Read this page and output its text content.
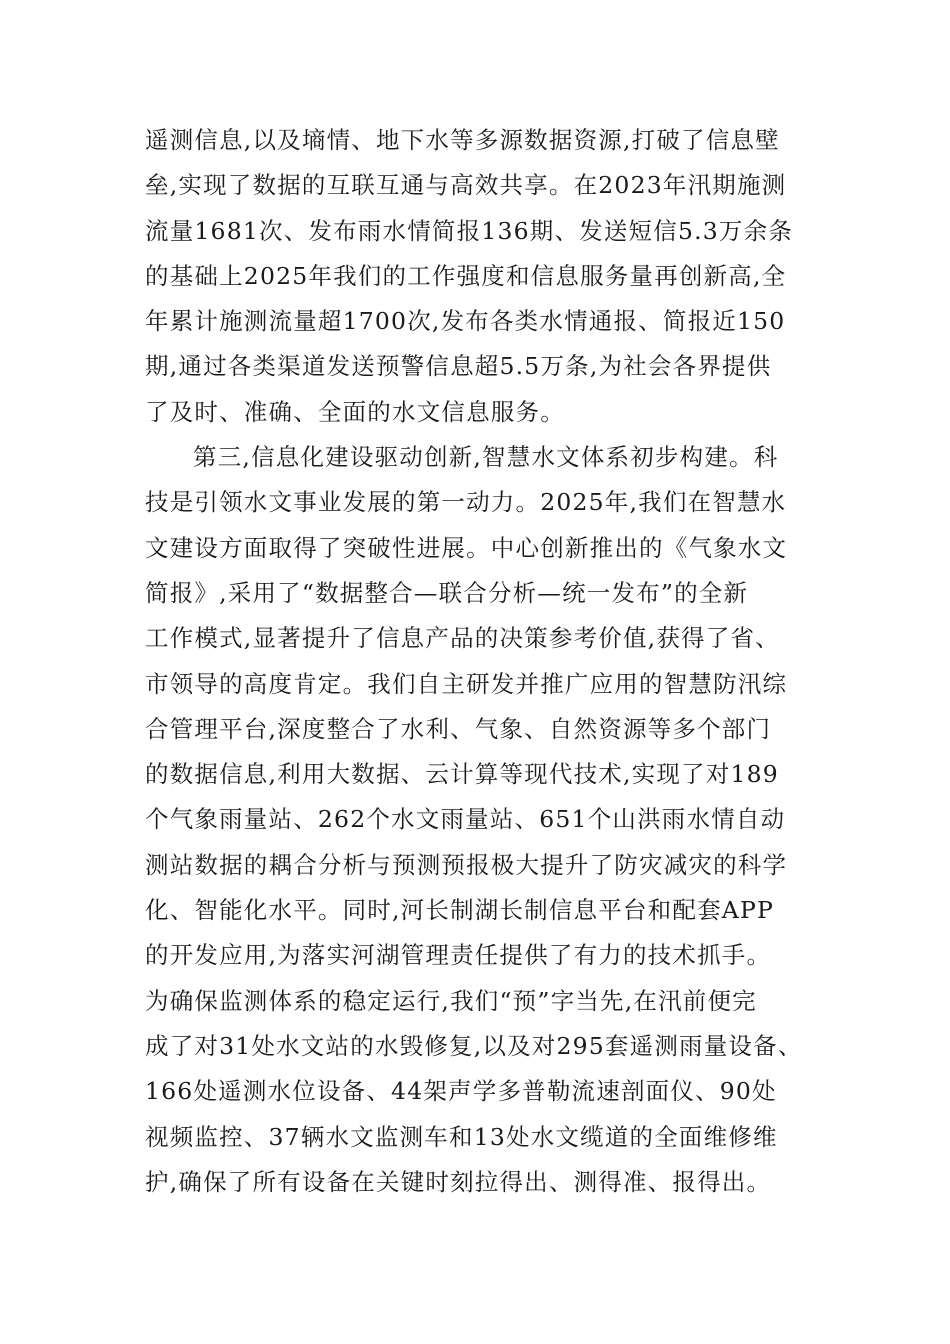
遥测信息,以及墒情、地下水等多源数据资源,打破了信息壁
垒,实现了数据的互联互通与高效共享。在2023年汛期施测
流量1681次、发布雨水情简报136期、发送短信5.3万余条
的基础上2025年我们的工作强度和信息服务量再创新高,全
年累计施测流量超1700次,发布各类水情通报、简报近150
期,通过各类渠道发送预警信息超5.5万条,为社会各界提供
了及时、准确、全面的水文信息服务。
第三,信息化建设驱动创新,智慧水文体系初步构建。科
技是引领水文事业发展的第一动力。2025年,我们在智慧水
文建设方面取得了突破性进展。中心创新推出的《气象水文
简报》,采用了“数据整合—联合分析—统一发布”的全新
工作模式,显著提升了信息产品的决策参考价值,获得了省、
市领导的高度肯定。我们自主研发并推广应用的智慧防汛综
合管理平台,深度整合了水利、气象、自然资源等多个部门
的数据信息,利用大数据、云计算等现代技术,实现了对189
个气象雨量站、262个水文雨量站、651个山洪雨水情自动
测站数据的耦合分析与预测预报极大提升了防灾减灾的科学
化、智能化水平。同时,河长制湖长制信息平台和配套APP
的开发应用,为落实河湖管理责任提供了有力的技术抓手。
为确保监测体系的稳定运行,我们“预”字当先,在汛前便完
成了对31处水文站的水毁修复,以及对295套遥测雨量设备、
166处遥测水位设备、44架声学多普勒流速剖面仪、90处
视频监控、37辆水文监测车和13处水文缆道的全面维修维
护,确保了所有设备在关键时刻拉得出、测得准、报得出。
